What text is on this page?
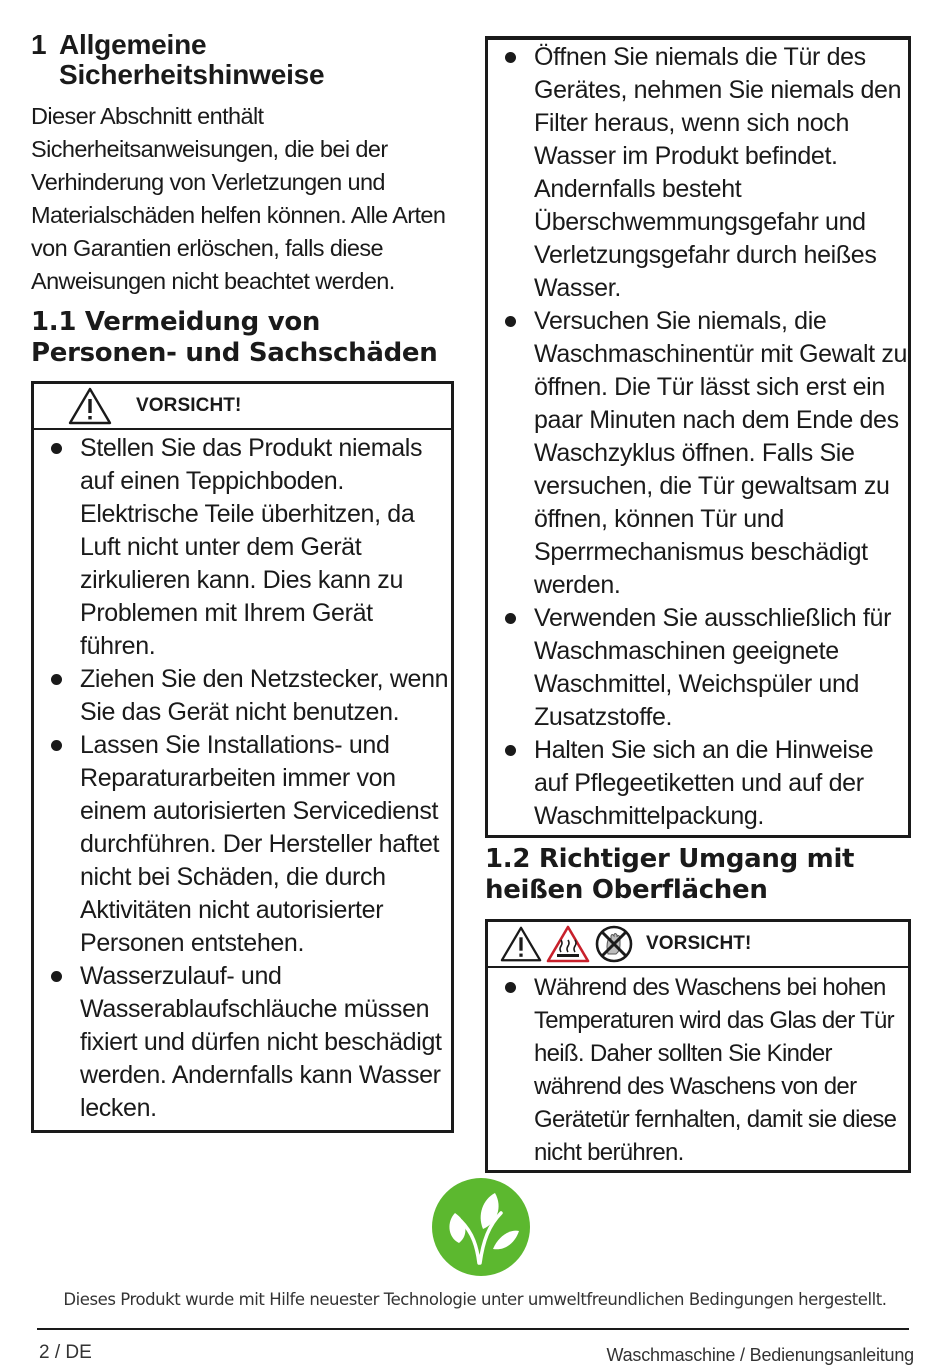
1 Allgemeine
Sicherheitshinweise
Dieser Abschnitt enthält Sicherheitsanweisungen, die bei der Verhinderung von Verletzungen und Materialschäden helfen können. Alle Arten von Garantien erlöschen, falls diese Anweisungen nicht beachtet werden.
1.1 Vermeidung von
Personen- und Sachschäden
VORSICHT!
Stellen Sie das Produkt niemals auf einen Teppichboden. Elektrische Teile überhitzen, da Luft nicht unter dem Gerät zirkulieren kann. Dies kann zu Problemen mit Ihrem Gerät führen.
Ziehen Sie den Netzstecker, wenn Sie das Gerät nicht benutzen.
Lassen Sie Installations- und Reparaturarbeiten immer von einem autorisierten Servicedienst durchführen. Der Hersteller haftet nicht bei Schäden, die durch Aktivitäten nicht autorisierter Personen entstehen.
Wasserzulauf- und Wasserablaufschläuche müssen fixiert und dürfen nicht beschädigt werden. Andernfalls kann Wasser lecken.
Öffnen Sie niemals die Tür des Gerätes, nehmen Sie niemals den Filter heraus, wenn sich noch Wasser im Produkt befindet. Andernfalls besteht Überschwemmungsgefahr und Verletzungsgefahr durch heißes Wasser.
Versuchen Sie niemals, die Waschmaschinentür mit Gewalt zu öffnen. Die Tür lässt sich erst ein paar Minuten nach dem Ende des Waschzyklus öffnen. Falls Sie versuchen, die Tür gewaltsam zu öffnen, können Tür und Sperrmechanismus beschädigt werden.
Verwenden Sie ausschließlich für Waschmaschinen geeignete Waschmittel, Weichspüler und Zusatzstoffe.
Halten Sie sich an die Hinweise auf Pflegeetiketten und auf der Waschmittelpackung.
1.2 Richtiger Umgang mit
heißen Oberflächen
VORSICHT!
Während des Waschens bei hohen Temperaturen wird das Glas der Tür heiß. Daher sollten Sie Kinder während des Waschens von der Gerätetür fernhalten, damit sie diese nicht berühren.
Dieses Produkt wurde mit Hilfe neuester Technologie unter umweltfreundlichen Bedingungen hergestellt.
2 / DE	Waschmaschine / Bedienungsanleitung
